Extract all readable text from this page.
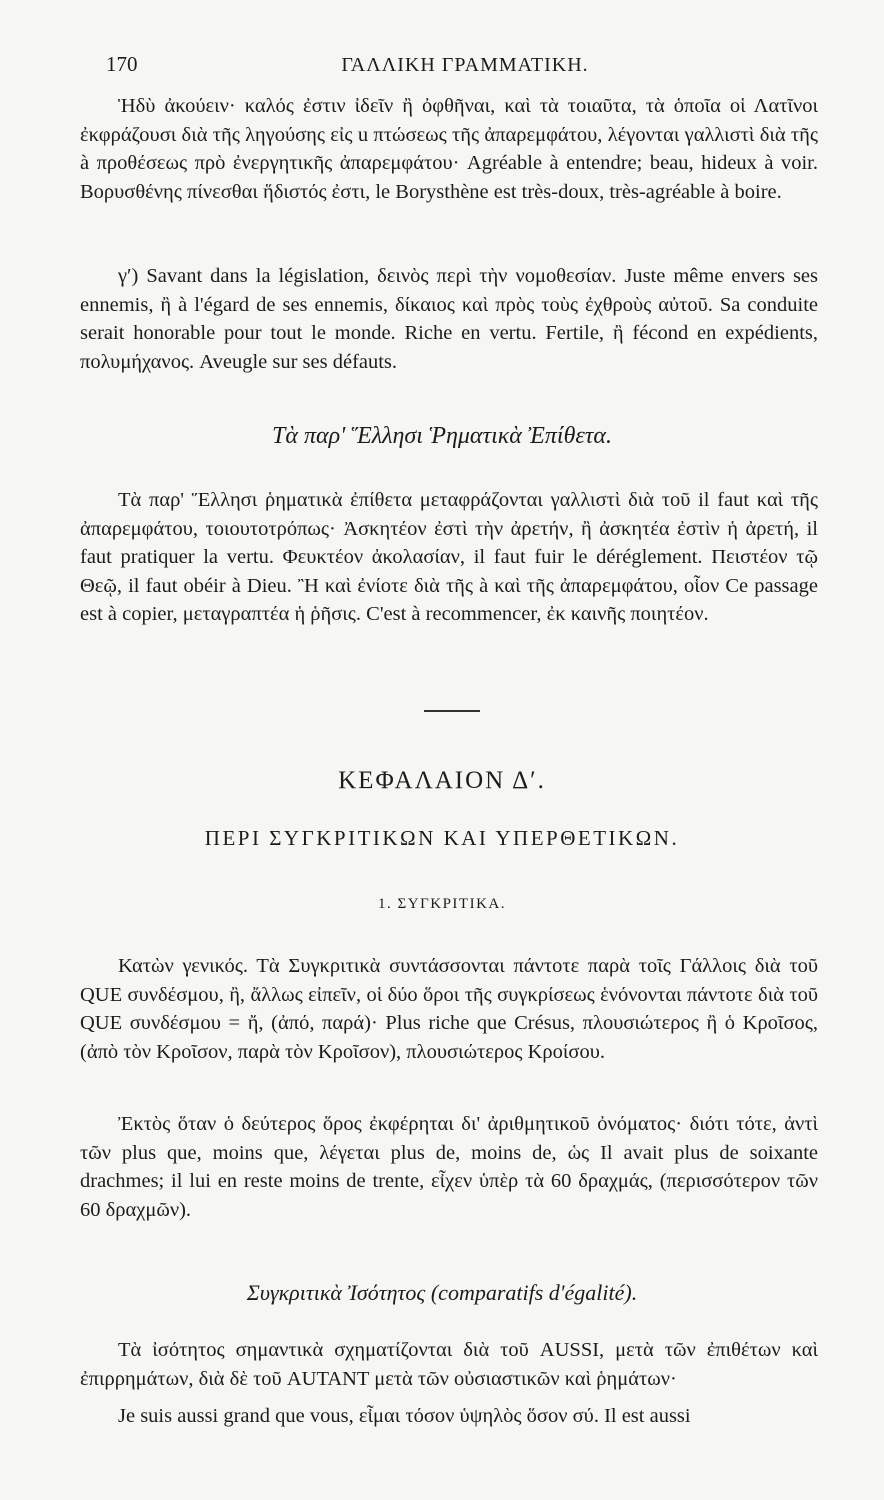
170	ΓΑΛΛΙΚΗ ΓΡΑΜΜΑΤΙΚΗ.
Ἡδὺ ἀκούειν· καλός ἐστιν ἰδεῖν ἢ ὀφθῆναι, καὶ τὰ τοιαῦτα, τὰ ὁποῖα οἱ Λατῖνοι ἐκφράζουσι διὰ τῆς ληγούσης εἰς u πτώσεως τῆς ἀπαρεμφάτου, λέγονται γαλλιστὶ διὰ τῆς à προθέσεως πρὸ ἐνεργητικῆς ἀπαρεμφάτου· Agréable à entendre; beau, hideux à voir. Βορυσθένης πίνεσθαι ἥδιστός ἐστι, le Borysthène est très-doux, très-agréable à boire.
γ′) Savant dans la législation, δεινὸς περὶ τὴν νομοθεσίαν. Juste même envers ses ennemis, ἢ à l'égard de ses ennemis, δίκαιος καὶ πρὸς τοὺς ἐχθροὺς αὐτοῦ. Sa conduite serait honorable pour tout le monde. Riche en vertu. Fertile, ἢ fécond en expédients, πολυμήχανος. Aveugle sur ses défauts.
Τὰ παρ' Ἕλλησι Ῥηματικὰ Ἐπίθετα.
Τὰ παρ' Ἕλλησι ῥηματικὰ ἐπίθετα μεταφράζονται γαλλιστὶ διὰ τοῦ il faut καὶ τῆς ἀπαρεμφάτου, τοιουτοτρόπως· Ἀσκητέον ἐστὶ τὴν ἀρετήν, ἢ ἀσκητέα ἐστὶν ἡ ἀρετή, il faut pratiquer la vertu. Φευκτέον ἀκολασίαν, il faut fuir le déréglement. Πειστέον τῷ Θεῷ, il faut obéir à Dieu. Ἢ καὶ ἐνίοτε διὰ τῆς à καὶ τῆς ἀπαρεμφάτου, οἷον Ce passage est à copier, μεταγραπτέα ἡ ῥῆσις. C'est à recommencer, ἐκ καινῆς ποιητέον.
ΚΕΦΑΛΑΙΟΝ Δ′.
ΠΕΡΙ ΣΥΓΚΡΙΤΙΚΩΝ ΚΑΙ ΥΠΕΡΘΕΤΙΚΩΝ.
1. ΣΥΓΚΡΙΤΙΚΑ.
Κατὼν γενικός. Τὰ Συγκριτικὰ συντάσσονται πάντοτε παρὰ τοῖς Γάλλοις διὰ τοῦ QUE συνδέσμου, ἢ, ἄλλως εἰπεῖν, οἱ δύο ὅροι τῆς συγκρίσεως ἑνόνονται πάντοτε διὰ τοῦ QUE συνδέσμου = ἤ, (ἀπό, παρά)· Plus riche que Crésus, πλουσιώτερος ἢ ὁ Κροῖσος, (ἀπὸ τὸν Κροῖσον, παρὰ τὸν Κροῖσον), πλουσιώτερος Κροίσου.
Ἐκτὸς ὅταν ὁ δεύτερος ὅρος ἐκφέρηται δι' ἀριθμητικοῦ ὀνόματος· διότι τότε, ἀντὶ τῶν plus que, moins que, λέγεται plus de, moins de, ὡς Il avait plus de soixante drachmes; il lui en reste moins de trente, εἶχεν ὑπὲρ τὰ 60 δραχμάς, (περισσότερον τῶν 60 δραχμῶν).
Συγκριτικὰ Ἰσότητος (comparatifs d'égalité).
Τὰ ἰσότητος σημαντικὰ σχηματίζονται διὰ τοῦ AUSSI, μετὰ τῶν ἐπιθέτων καὶ ἐπιρρημάτων, διὰ δὲ τοῦ AUTANT μετὰ τῶν οὐσιαστικῶν καὶ ῥημάτων·
Je suis aussi grand que vous, εἶμαι τόσον ὑψηλὸς ὅσον σύ. Il est aussi
